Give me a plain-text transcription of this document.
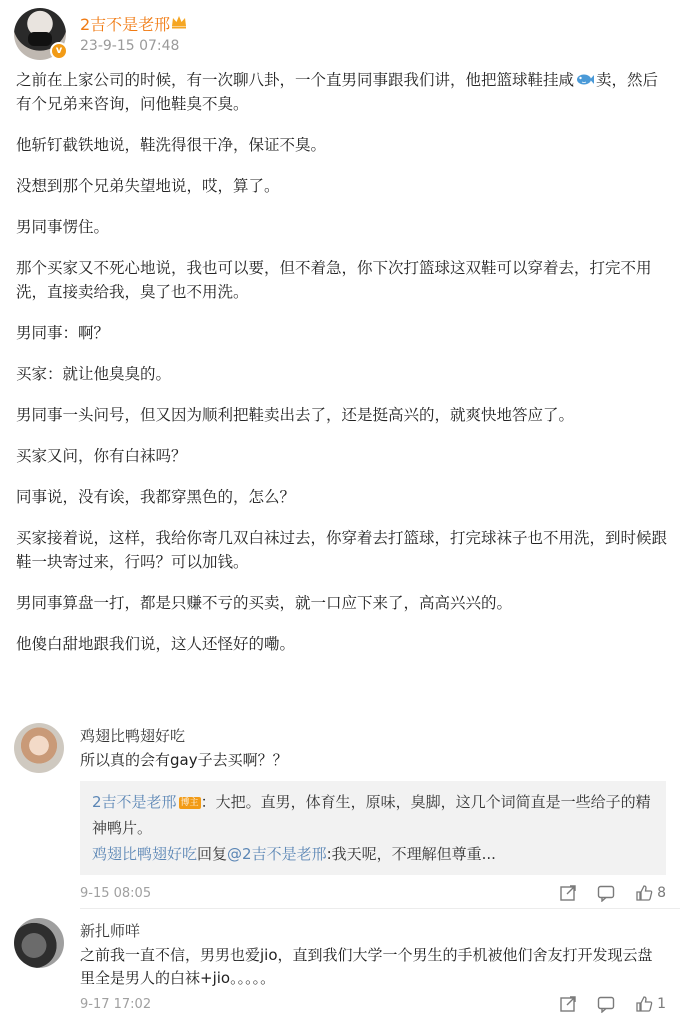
v
2吉不是老邢
23-9-15 07:48

之前在上家公司的时候，有一次聊八卦，一个直男同事跟我们讲，他把篮球鞋挂咸 卖，然后有个兄弟来咨询，问他鞋臭不臭。

他斩钉截铁地说，鞋洗得很干净，保证不臭。

没想到那个兄弟失望地说，哎，算了。

男同事愣住。

那个买家又不死心地说，我也可以要，但不着急，你下次打篮球这双鞋可以穿着去，打完不用洗，直接卖给我，臭了也不用洗。

男同事：啊？

买家：就让他臭臭的。

男同事一头问号，但又因为顺利把鞋卖出去了，还是挺高兴的，就爽快地答应了。

买家又问，你有白袜吗？

同事说，没有诶，我都穿黑色的，怎么？

买家接着说，这样，我给你寄几双白袜过去，你穿着去打篮球，打完球袜子也不用洗，到时候跟鞋一块寄过来，行吗？可以加钱。

男同事算盘一打，都是只赚不亏的买卖，就一口应下来了，高高兴兴的。

他傻白甜地跟我们说，这人还怪好的嘞。

鸡翅比鸭翅好吃
所以真的会有gay子去买啊？？
2吉不是老邢 博主 ：大把。直男，体育生，原味，臭脚，这几个词简直是一些给子的精神鸭片。
鸡翅比鸭翅好吃回复@2吉不是老邢:我天呢，不理解但尊重...
9-15 08:05	8
新扎师咩
之前我一直不信，男男也爱jio，直到我们大学一个男生的手机被他们舍友打开发现云盘里全是男人的白袜+jio。。。。。
9-17 17:02	1
